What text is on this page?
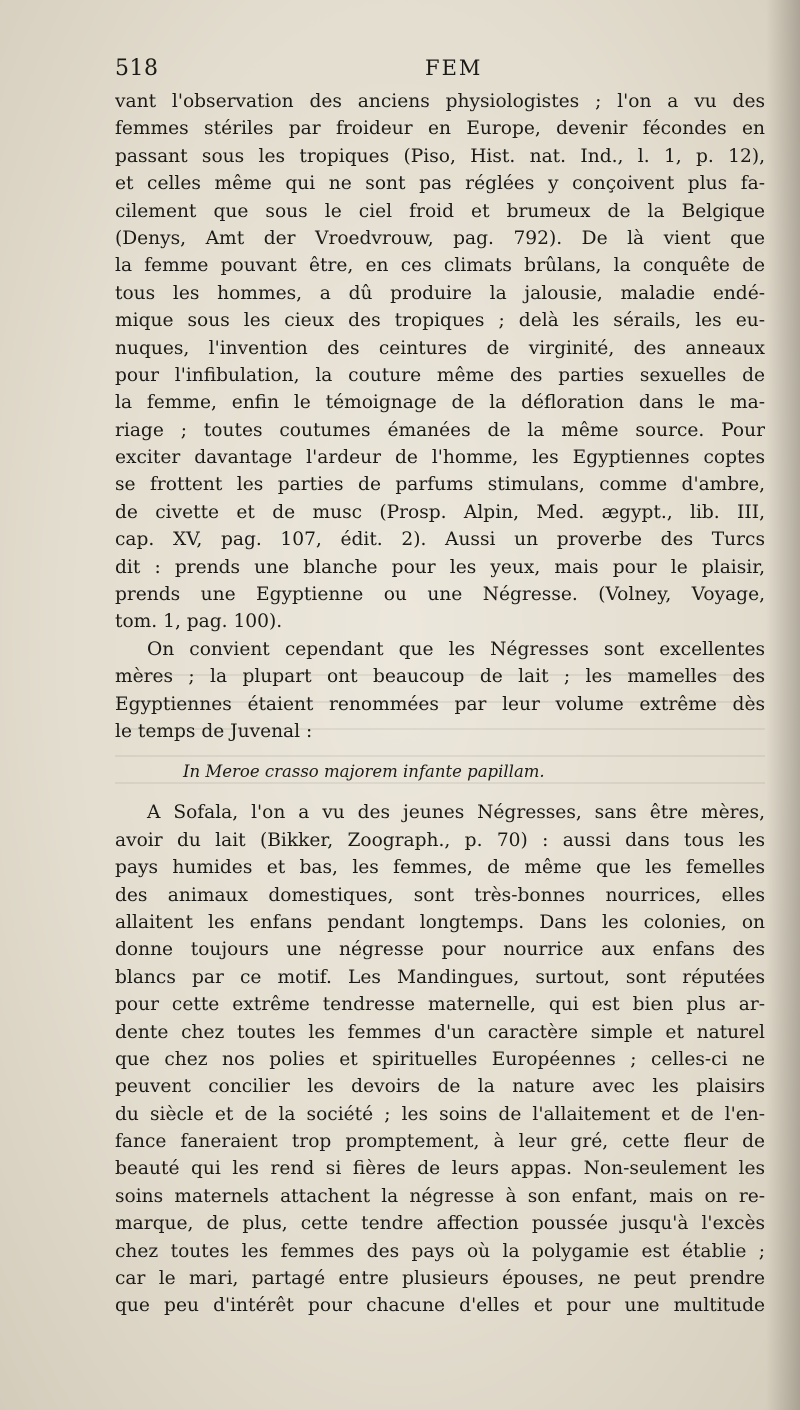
518	FEM
vant l'observation des anciens physiologistes ; l'on a vu des
femmes stériles par froideur en Europe, devenir fécondes en
passant sous les tropiques (Piso, Hist. nat. Ind., l. 1, p. 12),
et celles même qui ne sont pas réglées y conçoivent plus fa-
cilement que sous le ciel froid et brumeux de la Belgique
(Denys, Amt der Vroedvrouw, pag. 792). De là vient que
la femme pouvant être, en ces climats brûlans, la conquête de
tous les hommes, a dû produire la jalousie, maladie endé-
mique sous les cieux des tropiques ; delà les sérails, les eu-
nuques, l'invention des ceintures de virginité, des anneaux
pour l'infibulation, la couture même des parties sexuelles de
la femme, enfin le témoignage de la défloration dans le ma-
riage ; toutes coutumes émanées de la même source. Pour
exciter davantage l'ardeur de l'homme, les Egyptiennes coptes
se frottent les parties de parfums stimulans, comme d'ambre,
de civette et de musc (Prosp. Alpin, Med. ægypt., lib. III,
cap. XV, pag. 107, édit. 2). Aussi un proverbe des Turcs
dit : prends une blanche pour les yeux, mais pour le plaisir,
prends une Egyptienne ou une Négresse. (Volney, Voyage,
tom. 1, pag. 100).
On convient cependant que les Négresses sont excellentes
mères ; la plupart ont beaucoup de lait ; les mamelles des
Egyptiennes étaient renommées par leur volume extrême dès
le temps de Juvenal :
In Meroe crasso majorem infante papillam.
A Sofala, l'on a vu des jeunes Négresses, sans être mères,
avoir du lait (Bikker, Zoograph., p. 70) : aussi dans tous les
pays humides et bas, les femmes, de même que les femelles
des animaux domestiques, sont très-bonnes nourrices, elles
allaitent les enfans pendant longtemps. Dans les colonies, on
donne toujours une négresse pour nourrice aux enfans des
blancs par ce motif. Les Mandingues, surtout, sont réputées
pour cette extrême tendresse maternelle, qui est bien plus ar-
dente chez toutes les femmes d'un caractère simple et naturel
que chez nos polies et spirituelles Européennes ; celles-ci ne
peuvent concilier les devoirs de la nature avec les plaisirs
du siècle et de la société ; les soins de l'allaitement et de l'en-
fance faneraient trop promptement, à leur gré, cette fleur de
beauté qui les rend si fières de leurs appas. Non-seulement les
soins maternels attachent la négresse à son enfant, mais on re-
marque, de plus, cette tendre affection poussée jusqu'à l'excès
chez toutes les femmes des pays où la polygamie est établie ;
car le mari, partagé entre plusieurs épouses, ne peut prendre
que peu d'intérêt pour chacune d'elles et pour une multitude
